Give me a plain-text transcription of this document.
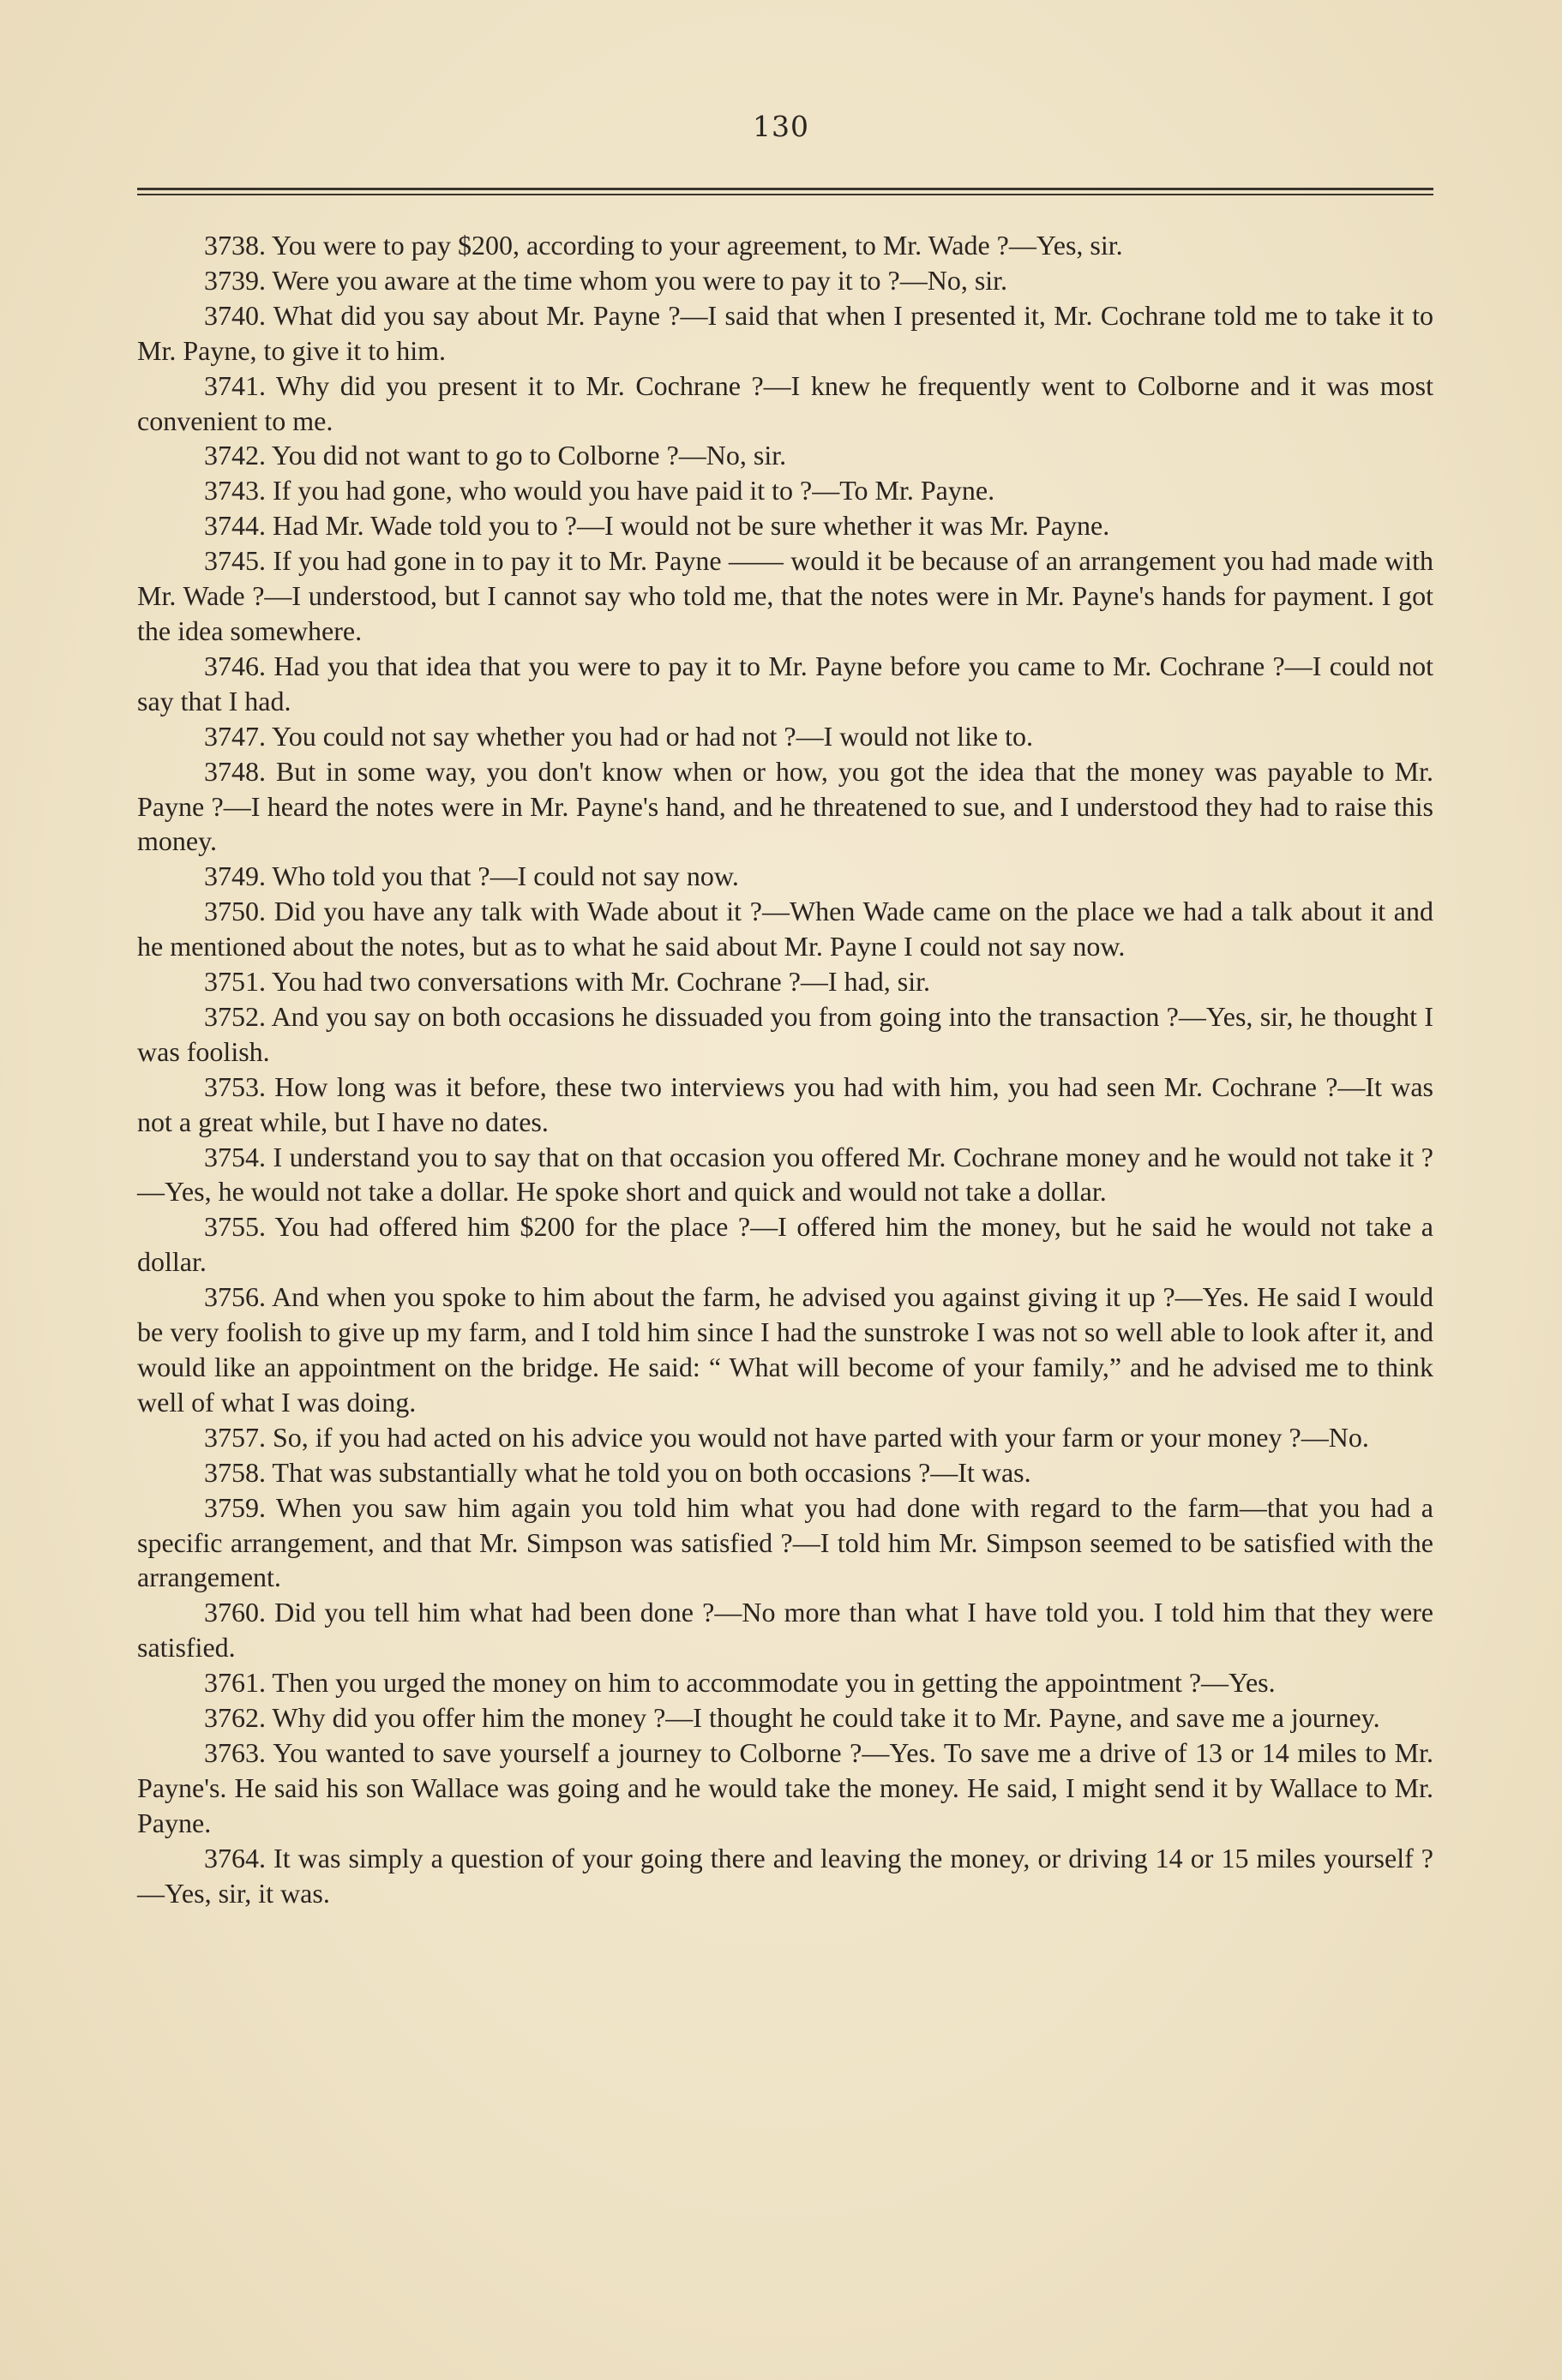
130

3738. You were to pay $200, according to your agreement, to Mr. Wade ?—Yes, sir.

3739. Were you aware at the time whom you were to pay it to ?—No, sir.

3740. What did you say about Mr. Payne ?—I said that when I presented it, Mr. Cochrane told me to take it to Mr. Payne, to give it to him.

3741. Why did you present it to Mr. Cochrane ?—I knew he frequently went to Colborne and it was most convenient to me.

3742. You did not want to go to Colborne ?—No, sir.

3743. If you had gone, who would you have paid it to ?—To Mr. Payne.

3744. Had Mr. Wade told you to ?—I would not be sure whether it was Mr. Payne.

3745. If you had gone in to pay it to Mr. Payne —— would it be because of an arrangement you had made with Mr. Wade ?—I understood, but I cannot say who told me, that the notes were in Mr. Payne's hands for payment. I got the idea somewhere.

3746. Had you that idea that you were to pay it to Mr. Payne before you came to Mr. Cochrane ?—I could not say that I had.

3747. You could not say whether you had or had not ?—I would not like to.

3748. But in some way, you don't know when or how, you got the idea that the money was payable to Mr. Payne ?—I heard the notes were in Mr. Payne's hand, and he threatened to sue, and I understood they had to raise this money.

3749. Who told you that ?—I could not say now.

3750. Did you have any talk with Wade about it ?—When Wade came on the place we had a talk about it and he mentioned about the notes, but as to what he said about Mr. Payne I could not say now.

3751. You had two conversations with Mr. Cochrane ?—I had, sir.

3752. And you say on both occasions he dissuaded you from going into the transaction ?—Yes, sir, he thought I was foolish.

3753. How long was it before, these two interviews you had with him, you had seen Mr. Cochrane ?—It was not a great while, but I have no dates.

3754. I understand you to say that on that occasion you offered Mr. Cochrane money and he would not take it ?—Yes, he would not take a dollar. He spoke short and quick and would not take a dollar.

3755. You had offered him $200 for the place ?—I offered him the money, but he said he would not take a dollar.

3756. And when you spoke to him about the farm, he advised you against giving it up ?—Yes. He said I would be very foolish to give up my farm, and I told him since I had the sunstroke I was not so well able to look after it, and would like an appointment on the bridge. He said: “ What will become of your family,” and he advised me to think well of what I was doing.

3757. So, if you had acted on his advice you would not have parted with your farm or your money ?—No.

3758. That was substantially what he told you on both occasions ?—It was.

3759. When you saw him again you told him what you had done with regard to the farm—that you had a specific arrangement, and that Mr. Simpson was satisfied ?—I told him Mr. Simpson seemed to be satisfied with the arrangement.

3760. Did you tell him what had been done ?—No more than what I have told you. I told him that they were satisfied.

3761. Then you urged the money on him to accommodate you in getting the appointment ?—Yes.

3762. Why did you offer him the money ?—I thought he could take it to Mr. Payne, and save me a journey.

3763. You wanted to save yourself a journey to Colborne ?—Yes. To save me a drive of 13 or 14 miles to Mr. Payne's. He said his son Wallace was going and he would take the money. He said, I might send it by Wallace to Mr. Payne.

3764. It was simply a question of your going there and leaving the money, or driving 14 or 15 miles yourself ?—Yes, sir, it was.
